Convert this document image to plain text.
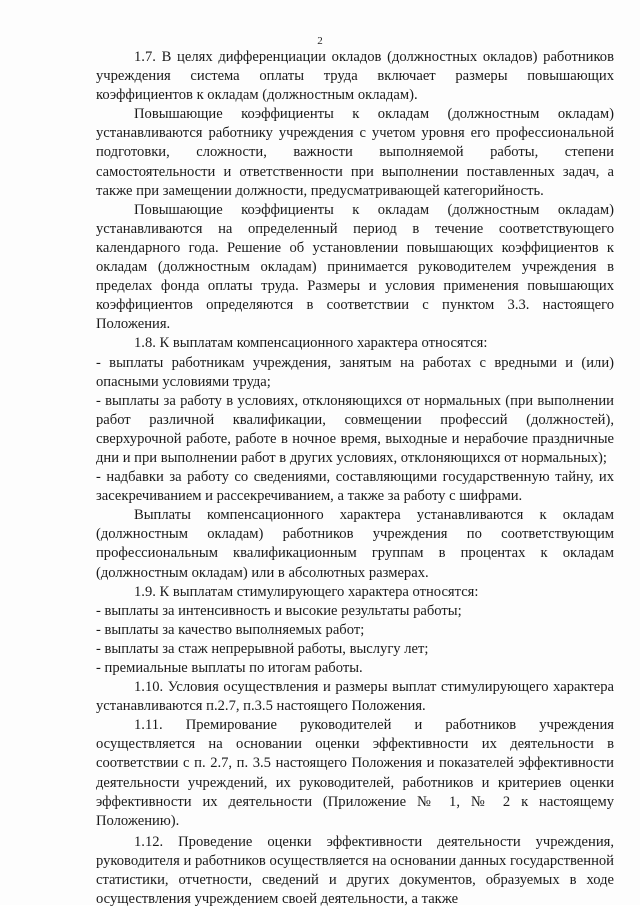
2

1.7. В целях дифференциации окладов (должностных окладов) работников учреждения система оплаты труда включает размеры повышающих коэффициентов к окладам (должностным окладам).

Повышающие коэффициенты к окладам (должностным окладам) устанавливаются работнику учреждения с учетом уровня его профессиональной подготовки, сложности, важности выполняемой работы, степени самостоятельности и ответственности при выполнении поставленных задач, а также при замещении должности, предусматривающей категорийность.

Повышающие коэффициенты к окладам (должностным окладам) устанавливаются на определенный период в течение соответствующего календарного года. Решение об установлении повышающих коэффициентов к окладам (должностным окладам) принимается руководителем учреждения в пределах фонда оплаты труда. Размеры и условия применения повышающих коэффициентов определяются в соответствии с пунктом 3.3. настоящего Положения.

1.8. К выплатам компенсационного характера относятся:

- выплаты работникам учреждения, занятым на работах с вредными и (или) опасными условиями труда;

- выплаты за работу в условиях, отклоняющихся от нормальных (при выполнении работ различной квалификации, совмещении профессий (должностей), сверхурочной работе, работе в ночное время, выходные и нерабочие праздничные дни и при выполнении работ в других условиях, отклоняющихся от нормальных);

- надбавки за работу со сведениями, составляющими государственную тайну, их засекречиванием и рассекречиванием, а также за работу с шифрами.

Выплаты компенсационного характера устанавливаются к окладам (должностным окладам) работников учреждения по соответствующим профессиональным квалификационным группам в процентах к окладам (должностным окладам) или в абсолютных размерах.

1.9. К выплатам стимулирующего характера относятся:

- выплаты за интенсивность и высокие результаты работы;

- выплаты за качество выполняемых работ;

- выплаты за стаж непрерывной работы, выслугу лет;

- премиальные выплаты по итогам работы.

1.10. Условия осуществления и размеры выплат стимулирующего характера устанавливаются п.2.7, п.3.5 настоящего Положения.

1.11. Премирование руководителей и работников учреждения осуществляется на основании оценки эффективности их деятельности в соответствии с п. 2.7, п. 3.5 настоящего Положения и показателей эффективности деятельности учреждений, их руководителей, работников и критериев оценки эффективности их деятельности (Приложение № 1, № 2 к настоящему Положению).

1.12. Проведение оценки эффективности деятельности учреждения, руководителя и работников осуществляется на основании данных государственной статистики, отчетности, сведений и других документов, образуемых в ходе осуществления учреждением своей деятельности, а также
